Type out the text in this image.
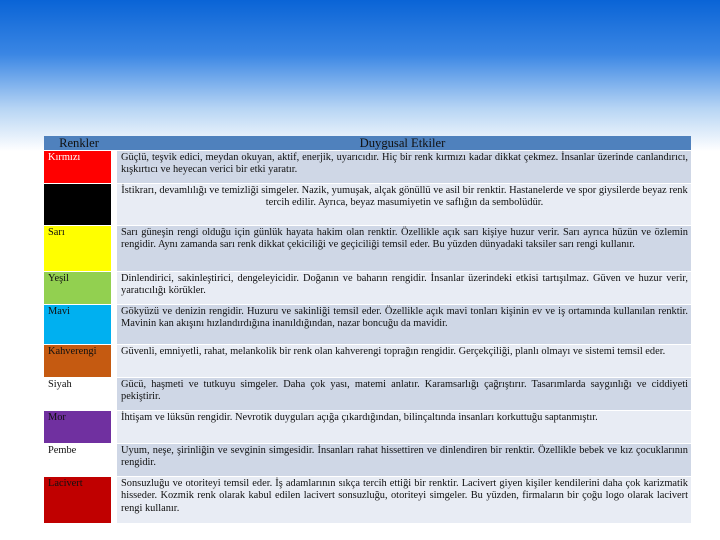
Renkler	Duygusal Etkiler
Kırmızı	Güçlü, teşvik edici, meydan okuyan, aktif, enerjik, uyarıcıdır. Hiç bir renk kırmızı kadar dikkat çekmez. İnsanlar üzerinde canlandırıcı, kışkırtıcı ve heyecan verici bir etki yaratır.
	İstikrarı, devamlılığı ve temizliği simgeler. Nazik, yumuşak, alçak gönüllü ve asil bir renktir. Hastanelerde ve spor giysilerde beyaz renk tercih edilir. Ayrıca, beyaz masumiyetin ve saflığın da sembolüdür.
Sarı	Sarı güneşin rengi olduğu için günlük hayata hakim olan renktir. Özellikle açık sarı kişiye huzur verir. Sarı ayrıca hüzün ve özlemin rengidir. Aynı zamanda sarı renk dikkat çekiciliği ve geçiciliği temsil eder. Bu yüzden dünyadaki taksiler sarı rengi kullanır.
Yeşil	Dinlendirici, sakinleştirici, dengeleyicidir. Doğanın ve baharın rengidir. İnsanlar üzerindeki etkisi tartışılmaz. Güven ve huzur verir, yaratıcılığı körükler.
Mavi	Gökyüzü ve denizin rengidir. Huzuru ve sakinliği temsil eder. Özellikle açık mavi tonları kişinin ev ve iş ortamında kullanılan renktir. Mavinin kan akışını hızlandırdığına inanıldığından, nazar boncuğu da mavidir.
Kahverengi	Güvenli, emniyetli, rahat, melankolik bir renk olan kahverengi toprağın rengidir. Gerçekçiliği, planlı olmayı ve sistemi temsil eder.
Siyah	Gücü, haşmeti ve tutkuyu simgeler. Daha çok yası, matemi anlatır. Karamsarlığı çağrıştırır. Tasarımlarda saygınlığı ve ciddiyeti pekiştirir.
Mor	İhtişam ve lüksün rengidir. Nevrotik duyguları açığa çıkardığından, bilinçaltında insanları korkuttuğu saptanmıştır.
Pembe	Uyum, neşe, şirinliğin ve sevginin simgesidir. İnsanları rahat hissettiren ve dinlendiren bir renktir. Özellikle bebek ve kız çocuklarının rengidir.
Lacivert	Sonsuzluğu ve otoriteyi temsil eder. İş adamlarının sıkça tercih ettiği bir renktir. Lacivert giyen kişiler kendilerini daha çok karizmatik hisseder. Kozmik renk olarak kabul edilen lacivert sonsuzluğu, otoriteyi simgeler. Bu yüzden, firmaların bir çoğu logo olarak lacivert rengi kullanır.
